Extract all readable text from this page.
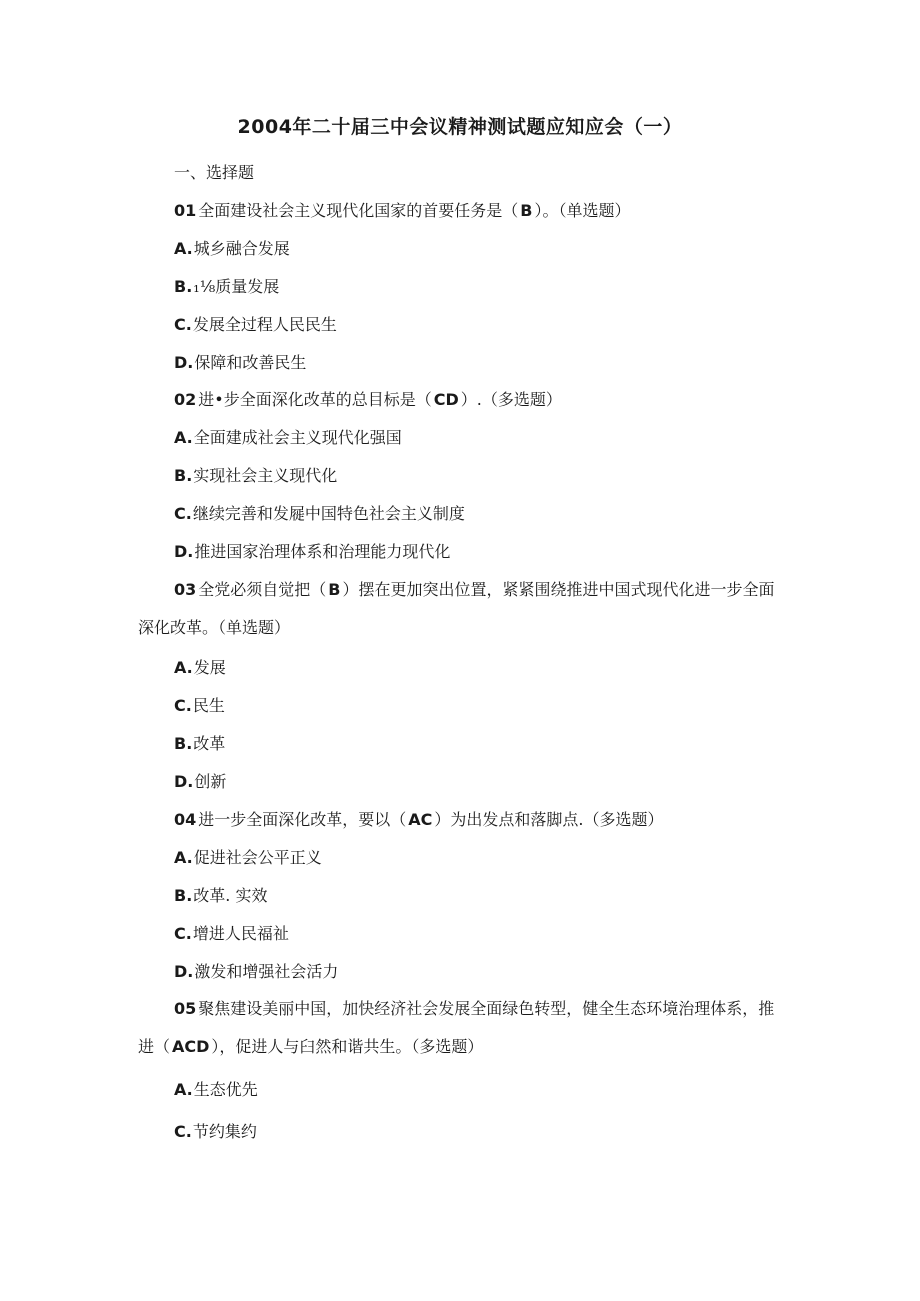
2004年二十届三中会议精神测试题应知应会（一）
一、选择题
01 全面建设社会主义现代化国家的首要任务是（ B ）。（单选题）
A.城乡融合发展
B.₁⅛质量发展
C.发展全过程人民民生
D.保障和改善民生
02 进•步全面深化改革的总目标是（ CD ）.（多选题）
A.全面建成社会主义现代化强国
B.实现社会主义现代化
C.继续完善和发屣中国特色社会主义制度
D.推进国家治理体系和治理能力现代化
03 全党必须自觉把（ B ）摆在更加突出位置，紧紧围绕推进中国式现代化进一步全面深化改革。（单选题）
A.发展
C.民生
B.改革
D.创新
04 进一步全面深化改革，要以（ AC ）为出发点和落脚点.（多选题）
A.促进社会公平正义
B.改革. 实效
C.增进人民福祉
D.激发和增强社会活力
05 聚焦建设美丽中国，加快经济社会发展全面绿色转型，健全生态环境治理体系，推进（ ACD ），促进人与臼然和谐共生。（多选题）
A.生态优先
C.节约集约
